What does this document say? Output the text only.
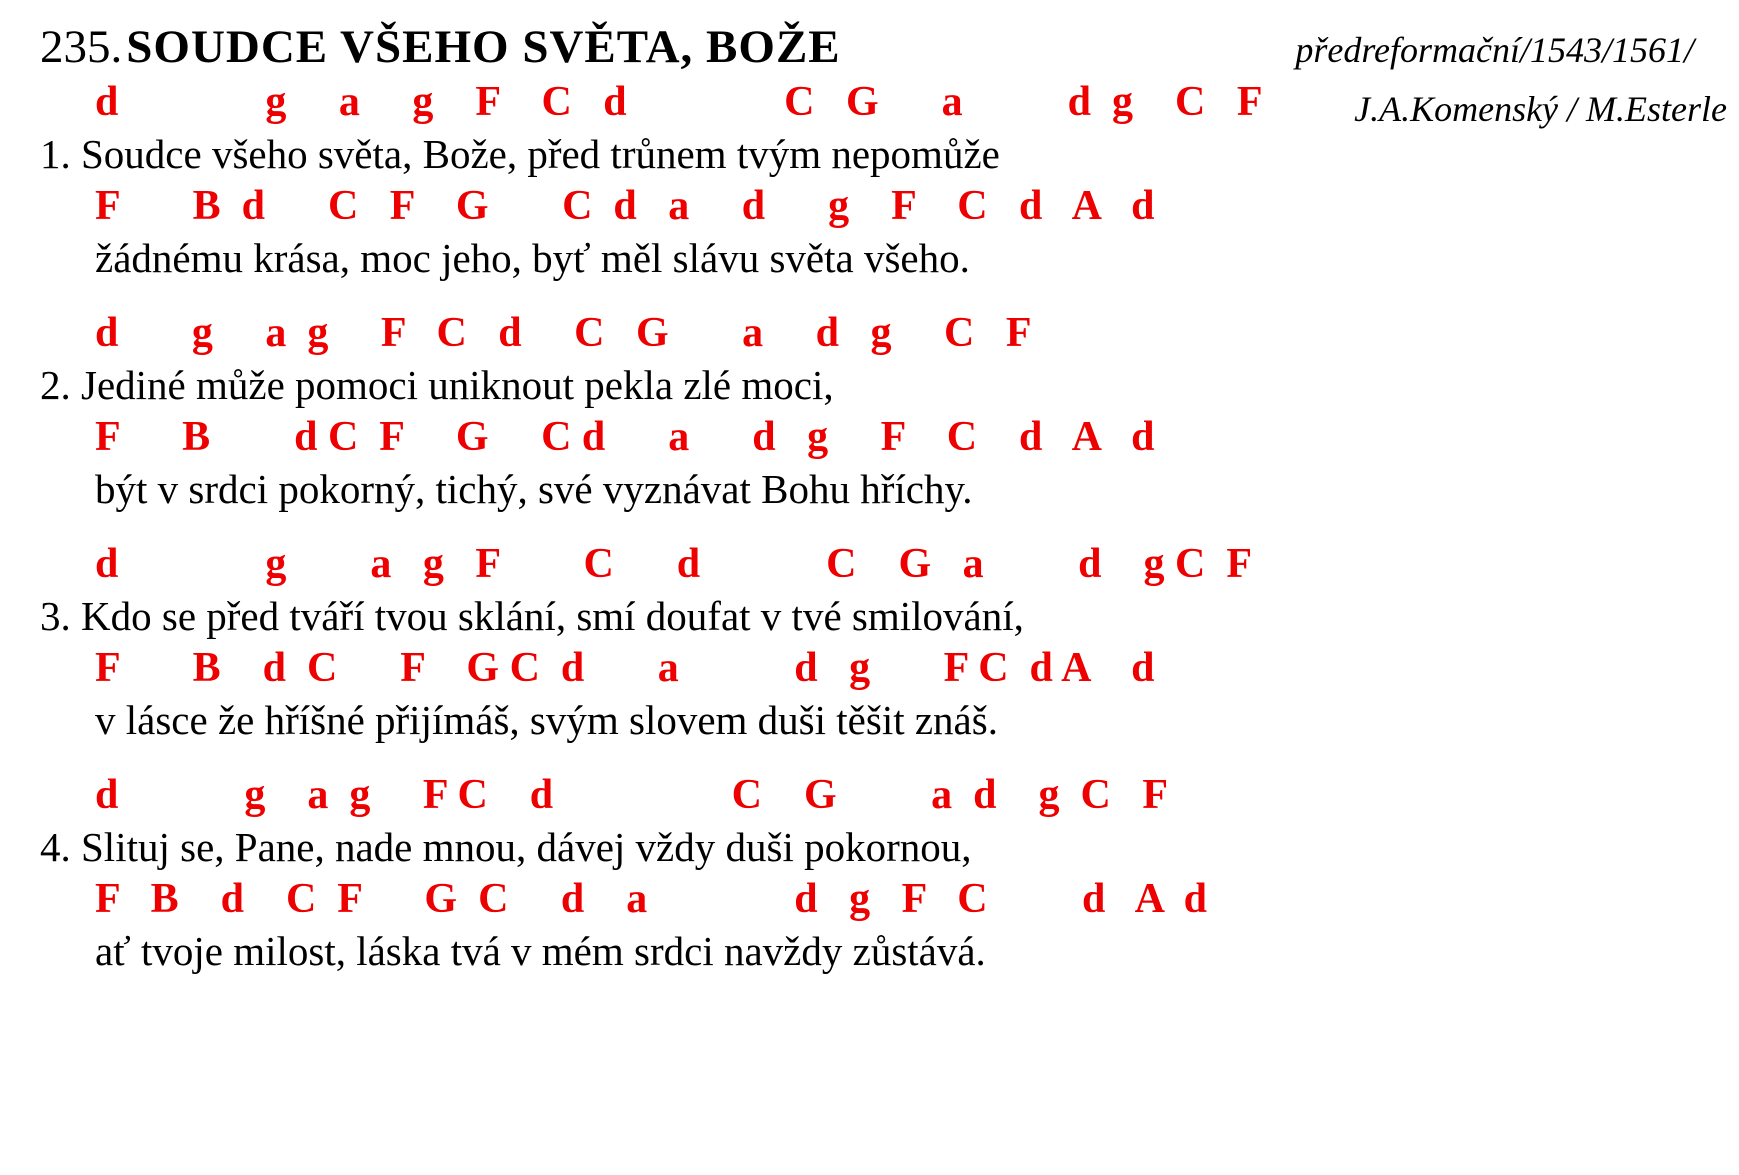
235. SOUDCE VŠEHO SVĚTA, BOŽE	předreformační/1543/1561/
J.A.Komenský / M.Esterle
d              g     a     g    F    C   d               C   G      a          d  g    C   F
1. Soudce všeho světa, Bože, před trůnem tvým nepomůže
F       B  d      C   F    G       C  d   a     d      g    F    C   d   A   d
žádnému krása, moc jeho, byť měl slávu světa všeho.
d       g     a  g     F   C   d     C   G       a     d   g     C   F
2. Jediné může pomoci uniknout pekla zlé moci,
F      B        d C  F     G     C d      a      d   g     F    C    d   A   d
být v srdci pokorný, tichý, své vyznávat Bohu hříchy.
d              g        a   g   F        C      d            C    G   a         d    g C  F
3. Kdo se před tváří tvou sklání, smí doufat v tvé smilování,
F       B    d  C      F    G C  d       a           d   g       F C  d A    d
v lásce že hříšné přijímáš, svým slovem duši těšit znáš.
d            g    a  g     F C    d                 C    G         a  d    g  C   F
4. Slituj se, Pane, nade mnou, dávej vždy duši pokornou,
F   B    d    C  F      G  C     d    a              d   g   F   C         d   A  d
ať tvoje milost, láska tvá v mém srdci navždy zůstává.
